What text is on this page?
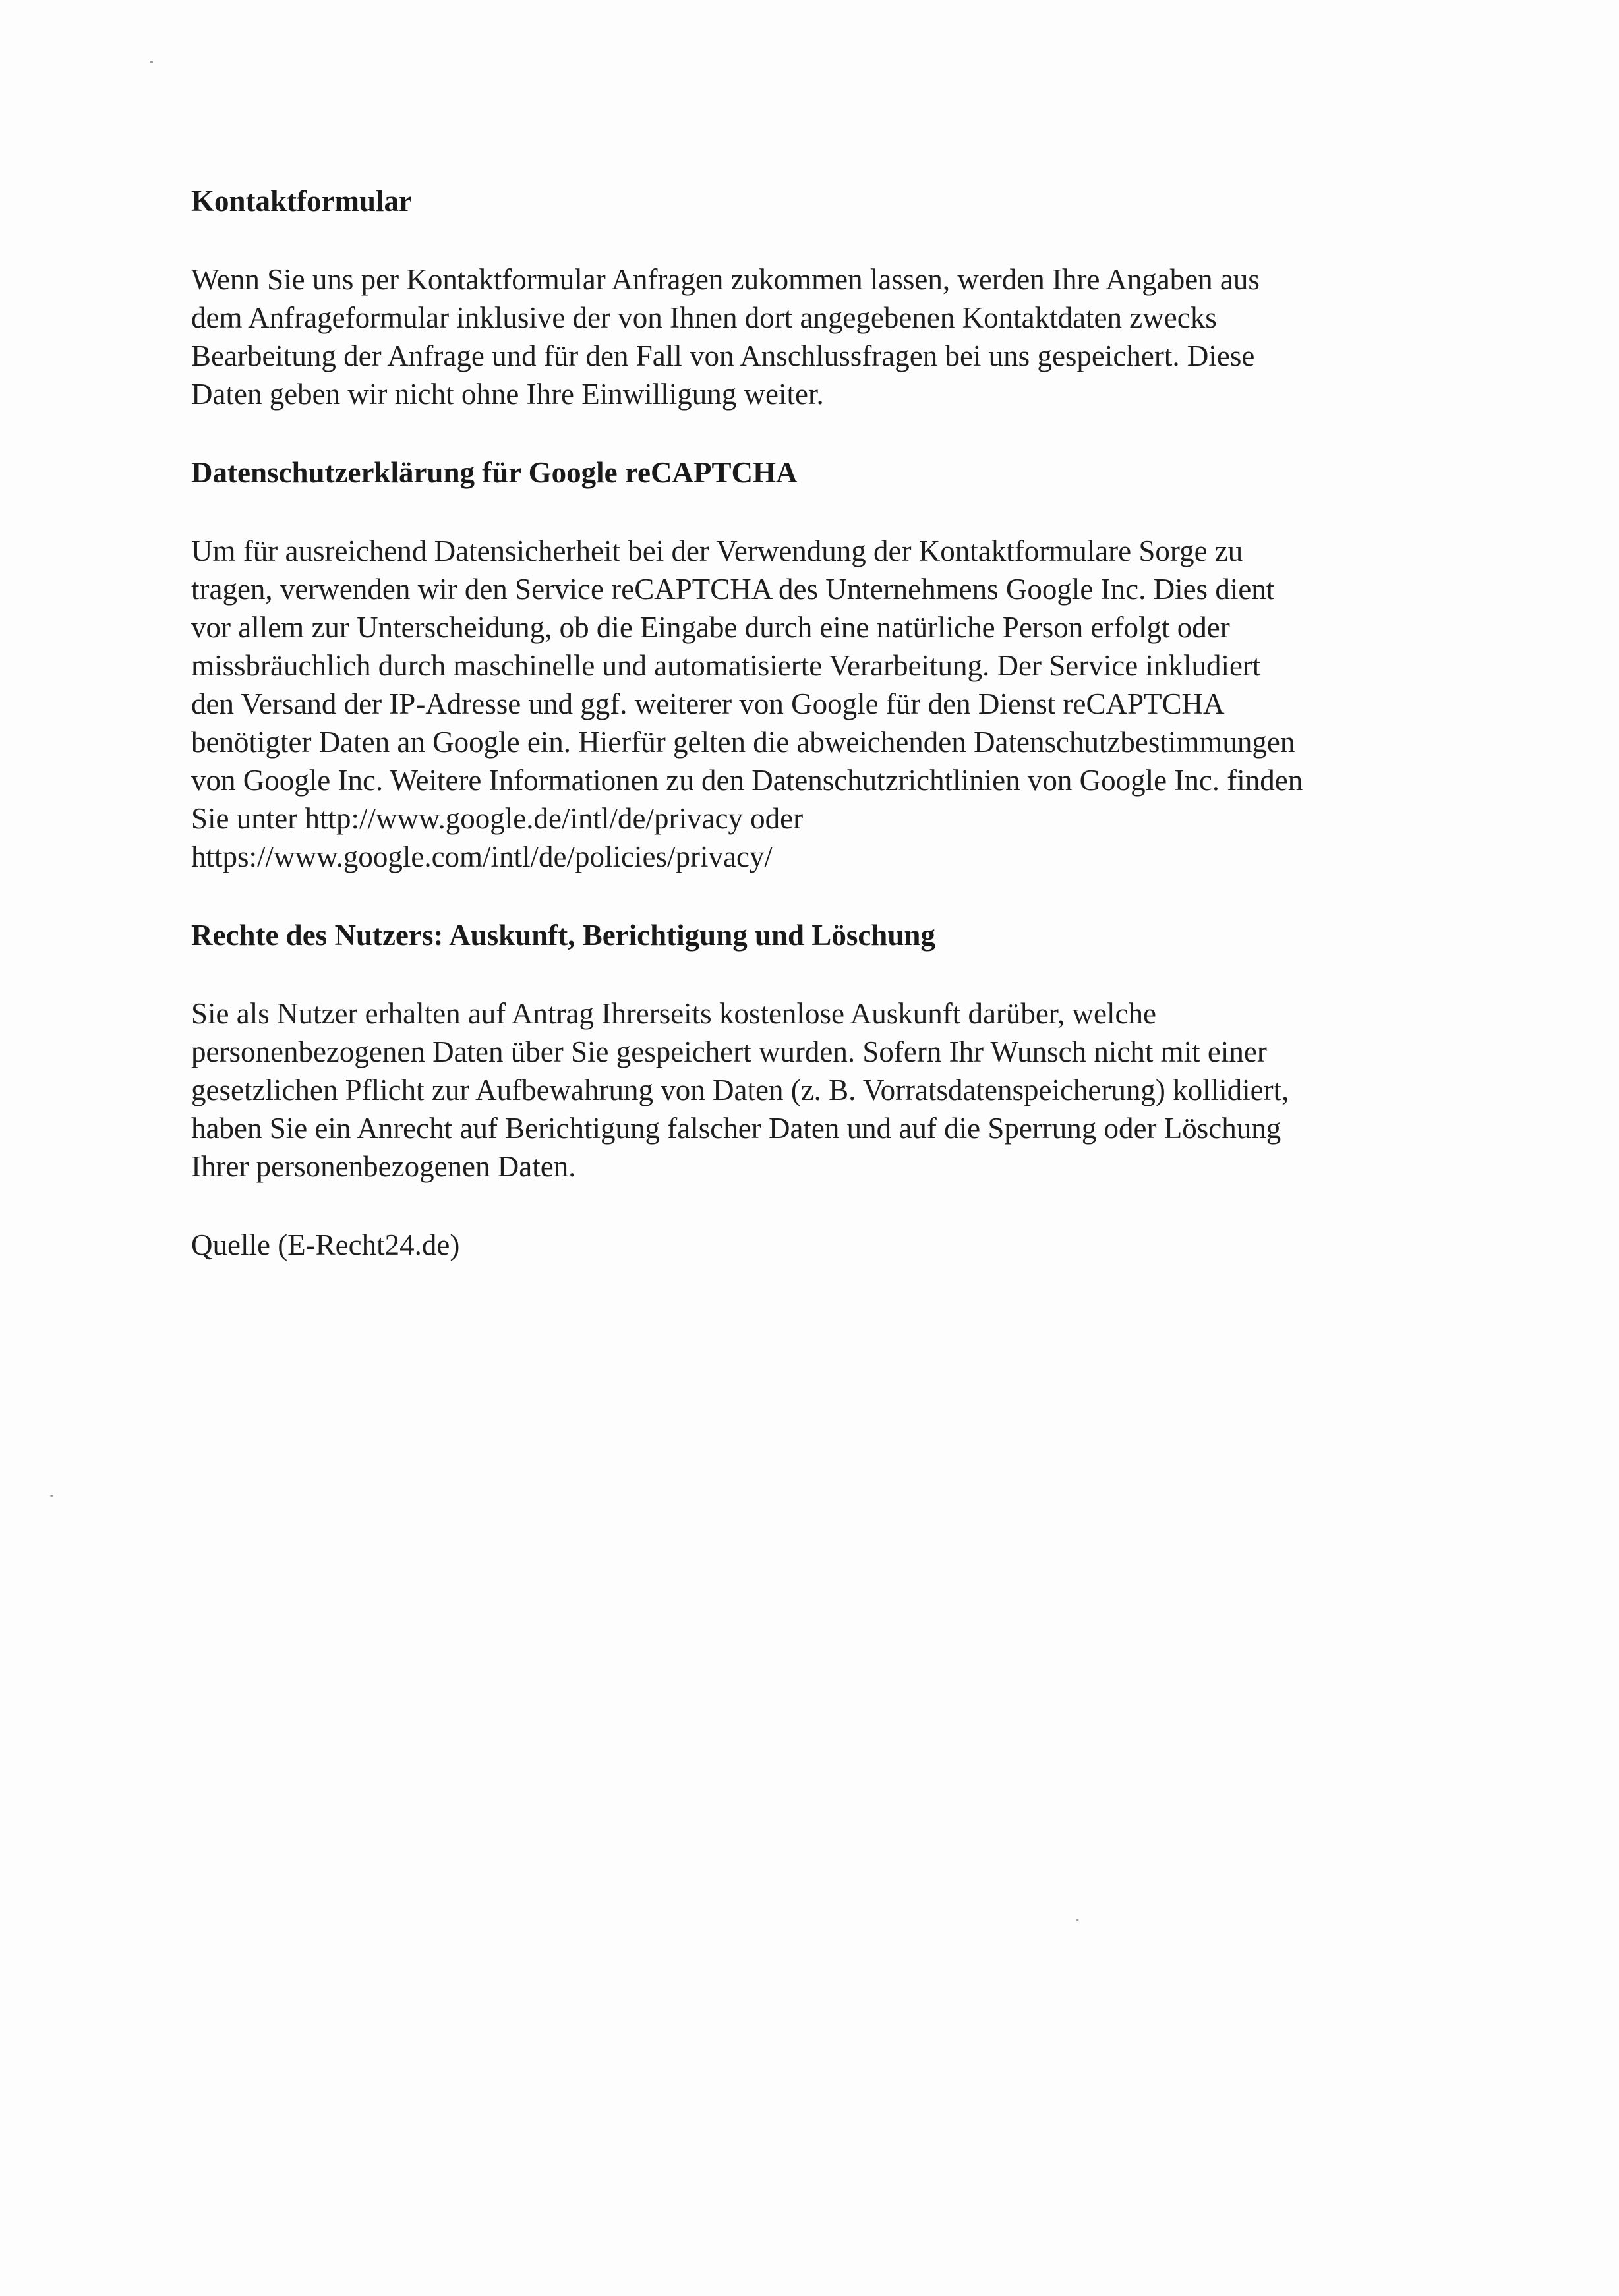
Kontaktformular

Wenn Sie uns per Kontaktformular Anfragen zukommen lassen, werden Ihre Angaben aus
dem Anfrageformular inklusive der von Ihnen dort angegebenen Kontaktdaten zwecks
Bearbeitung der Anfrage und für den Fall von Anschlussfragen bei uns gespeichert. Diese
Daten geben wir nicht ohne Ihre Einwilligung weiter.

Datenschutzerklärung für Google reCAPTCHA

Um für ausreichend Datensicherheit bei der Verwendung der Kontaktformulare Sorge zu
tragen, verwenden wir den Service reCAPTCHA des Unternehmens Google Inc. Dies dient
vor allem zur Unterscheidung, ob die Eingabe durch eine natürliche Person erfolgt oder
missbräuchlich durch maschinelle und automatisierte Verarbeitung. Der Service inkludiert
den Versand der IP-Adresse und ggf. weiterer von Google für den Dienst reCAPTCHA
benötigter Daten an Google ein. Hierfür gelten die abweichenden Datenschutzbestimmungen
von Google Inc. Weitere Informationen zu den Datenschutzrichtlinien von Google Inc. finden
Sie unter http://www.google.de/intl/de/privacy oder
https://www.google.com/intl/de/policies/privacy/

Rechte des Nutzers: Auskunft, Berichtigung und Löschung

Sie als Nutzer erhalten auf Antrag Ihrerseits kostenlose Auskunft darüber, welche
personenbezogenen Daten über Sie gespeichert wurden. Sofern Ihr Wunsch nicht mit einer
gesetzlichen Pflicht zur Aufbewahrung von Daten (z. B. Vorratsdatenspeicherung) kollidiert,
haben Sie ein Anrecht auf Berichtigung falscher Daten und auf die Sperrung oder Löschung
Ihrer personenbezogenen Daten.

Quelle (E-Recht24.de)
